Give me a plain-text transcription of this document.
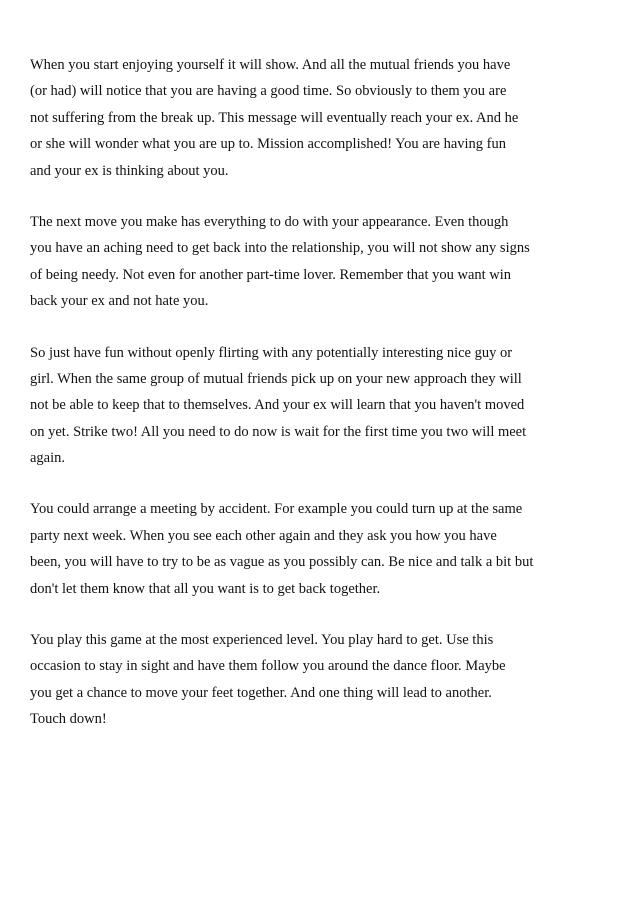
When you start enjoying yourself it will show. And all the mutual friends you have
(or had) will notice that you are having a good time. So obviously to them you are
not suffering from the break up. This message will eventually reach your ex. And he
or she will wonder what you are up to. Mission accomplished! You are having fun
and your ex is thinking about you.
The next move you make has everything to do with your appearance. Even though
you have an aching need to get back into the relationship, you will not show any signs
of being needy. Not even for another part-time lover. Remember that you want win
back your ex and not hate you.
So just have fun without openly flirting with any potentially interesting nice guy or
girl. When the same group of mutual friends pick up on your new approach they will
not be able to keep that to themselves. And your ex will learn that you haven't moved
on yet. Strike two! All you need to do now is wait for the first time you two will meet
again.
You could arrange a meeting by accident. For example you could turn up at the same
party next week. When you see each other again and they ask you how you have
been, you will have to try to be as vague as you possibly can. Be nice and talk a bit but
don't let them know that all you want is to get back together.
You play this game at the most experienced level. You play hard to get. Use this
occasion to stay in sight and have them follow you around the dance floor. Maybe
you get a chance to move your feet together. And one thing will lead to another.
Touch down!
